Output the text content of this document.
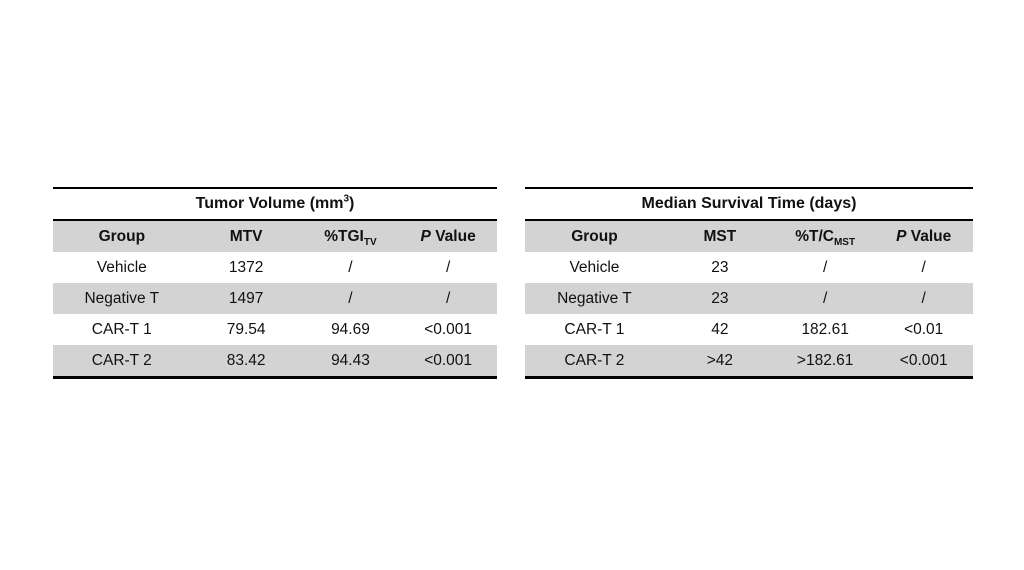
Tumor Volume $(mm^3)$
Group	MTV	$\%TGI_{TV}$	P Value
Vehicle	1372	/	/
Negative T	1497	/	/
CAR-T 1	79.54	94.69	<0.001
CAR-T 2	83.42	94.43	<0.001
Median Survival Time (days)
Group	MST	$\%T/C_{MST}$	P Value
Vehicle	23	/	/
Negative T	23	/	/
CAR-T 1	42	182.61	<0.01
CAR-T 2	>42	>182.61	<0.001
